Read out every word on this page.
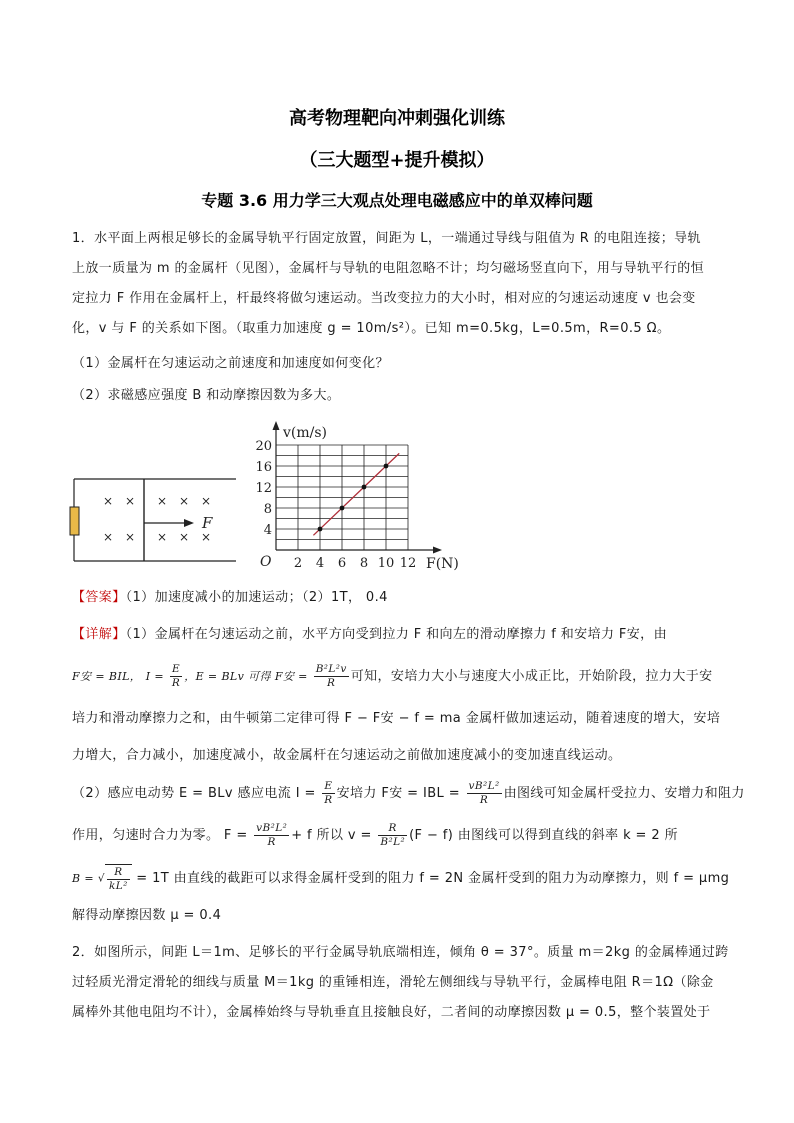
高考物理靶向冲刺强化训练
（三大题型+提升模拟）
专题 3.6 用力学三大观点处理电磁感应中的单双棒问题
1．水平面上两根足够长的金属导轨平行固定放置，间距为 L，一端通过导线与阻值为 R 的电阻连接；导轨
上放一质量为 m 的金属杆（见图），金属杆与导轨的电阻忽略不计；均匀磁场竖直向下，用与导轨平行的恒
定拉力 F 作用在金属杆上，杆最终将做匀速运动。当改变拉力的大小时，相对应的匀速运动速度 v 也会变
化，v 与 F 的关系如下图。（取重力加速度 g = 10m/s²）。已知 m=0.5kg，L=0.5m，R=0.5 Ω。
（1）金属杆在匀速运动之前速度和加速度如何变化？
（2）求磁感应强度 B 和动摩擦因数为多大。
× × × × ×
× × × × ×
F
v(m/s)
F(N)
O 2 4 6 8 10 12
4
8
12
16
20
【答案】（1）加速度减小的加速运动；（2）1T， 0.4
【详解】（1）金属杆在匀速运动之前，水平方向受到拉力 F 和向左的滑动摩擦力 f 和安培力 F安，由
F安 = BIL， $I = \frac{E}{R}$ ，E = BLv 可得 F安 = $\frac{\text{B²L²v}}{R}$ 可知，安培力大小与速度大小成正比，开始阶段，拉力大于安
培力和滑动摩擦力之和，由牛顿第二定律可得 F − F安 − f = ma 金属杆做加速运动，随着速度的增大，安培
力增大，合力减小，加速度减小，故金属杆在匀速运动之前做加速度减小的变加速直线运动。
（2）感应电动势 E = BLv 感应电流 $I = \frac{E}{R}$ 安培力 F安 = IBL = $\frac{\text{vB²L²}}{R}$ 由图线可知金属杆受拉力、安增力和阻力
作用，匀速时合力为零。 $F = \frac{\text{vB²L²}}{R} + f$ 所以 $v = \frac{R}{\text{B²L²}} (F - f)$ 由图线可以得到直线的斜率 k = 2 所
B = √ $\frac{R}{\text{kL²}} = 1T$ 由直线的截距可以求得金属杆受到的阻力 f = 2N 金属杆受到的阻力为动摩擦力，则 f = μmg
解得动摩擦因数 μ = 0.4
2．如图所示，间距 L＝1m、足够长的平行金属导轨底端相连，倾角 θ = 37°。质量 m＝2kg 的金属棒通过跨
过轻质光滑定滑轮的细线与质量 M＝1kg 的重锤相连，滑轮左侧细线与导轨平行，金属棒电阻 R＝1Ω（除金
属棒外其他电阻均不计），金属棒始终与导轨垂直且接触良好，二者间的动摩擦因数 μ = 0.5，整个装置处于
